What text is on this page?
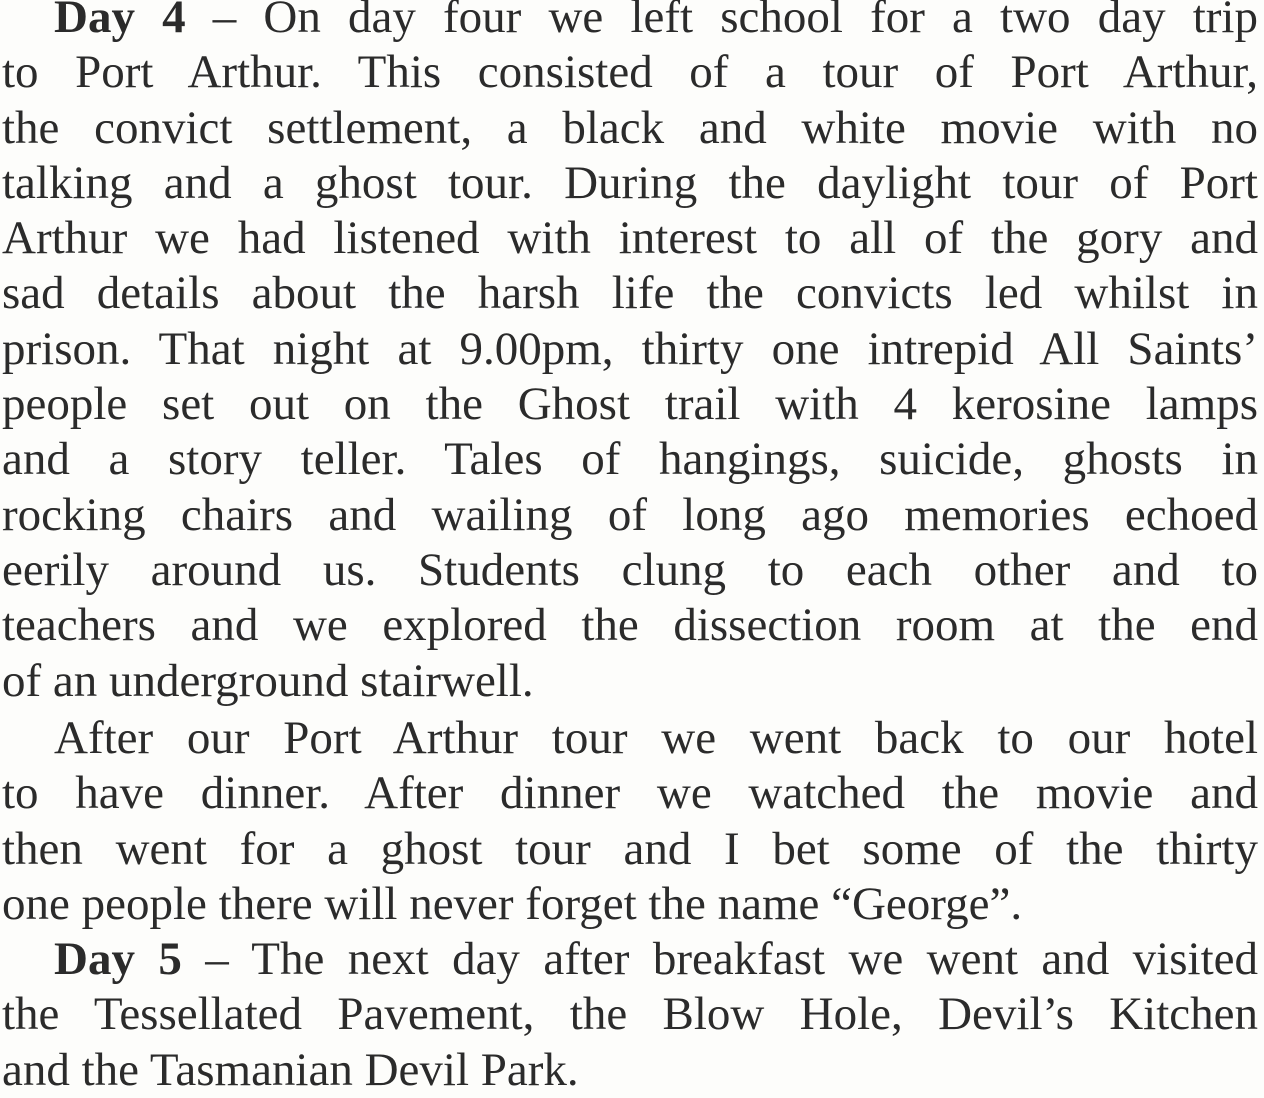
Day 4 – On day four we left school for a two day trip
to Port Arthur. This consisted of a tour of Port Arthur,
the convict settlement, a black and white movie with no
talking and a ghost tour. During the daylight tour of Port
Arthur we had listened with interest to all of the gory and
sad details about the harsh life the convicts led whilst in
prison. That night at 9.00pm, thirty one intrepid All Saints’
people set out on the Ghost trail with 4 kerosine lamps
and a story teller. Tales of hangings, suicide, ghosts in
rocking chairs and wailing of long ago memories echoed
eerily around us. Students clung to each other and to
teachers and we explored the dissection room at the end
of an underground stairwell.
After our Port Arthur tour we went back to our hotel
to have dinner. After dinner we watched the movie and
then went for a ghost tour and I bet some of the thirty
one people there will never forget the name “George”.
Day 5 – The next day after breakfast we went and visited
the Tessellated Pavement, the Blow Hole, Devil’s Kitchen
and the Tasmanian Devil Park.
